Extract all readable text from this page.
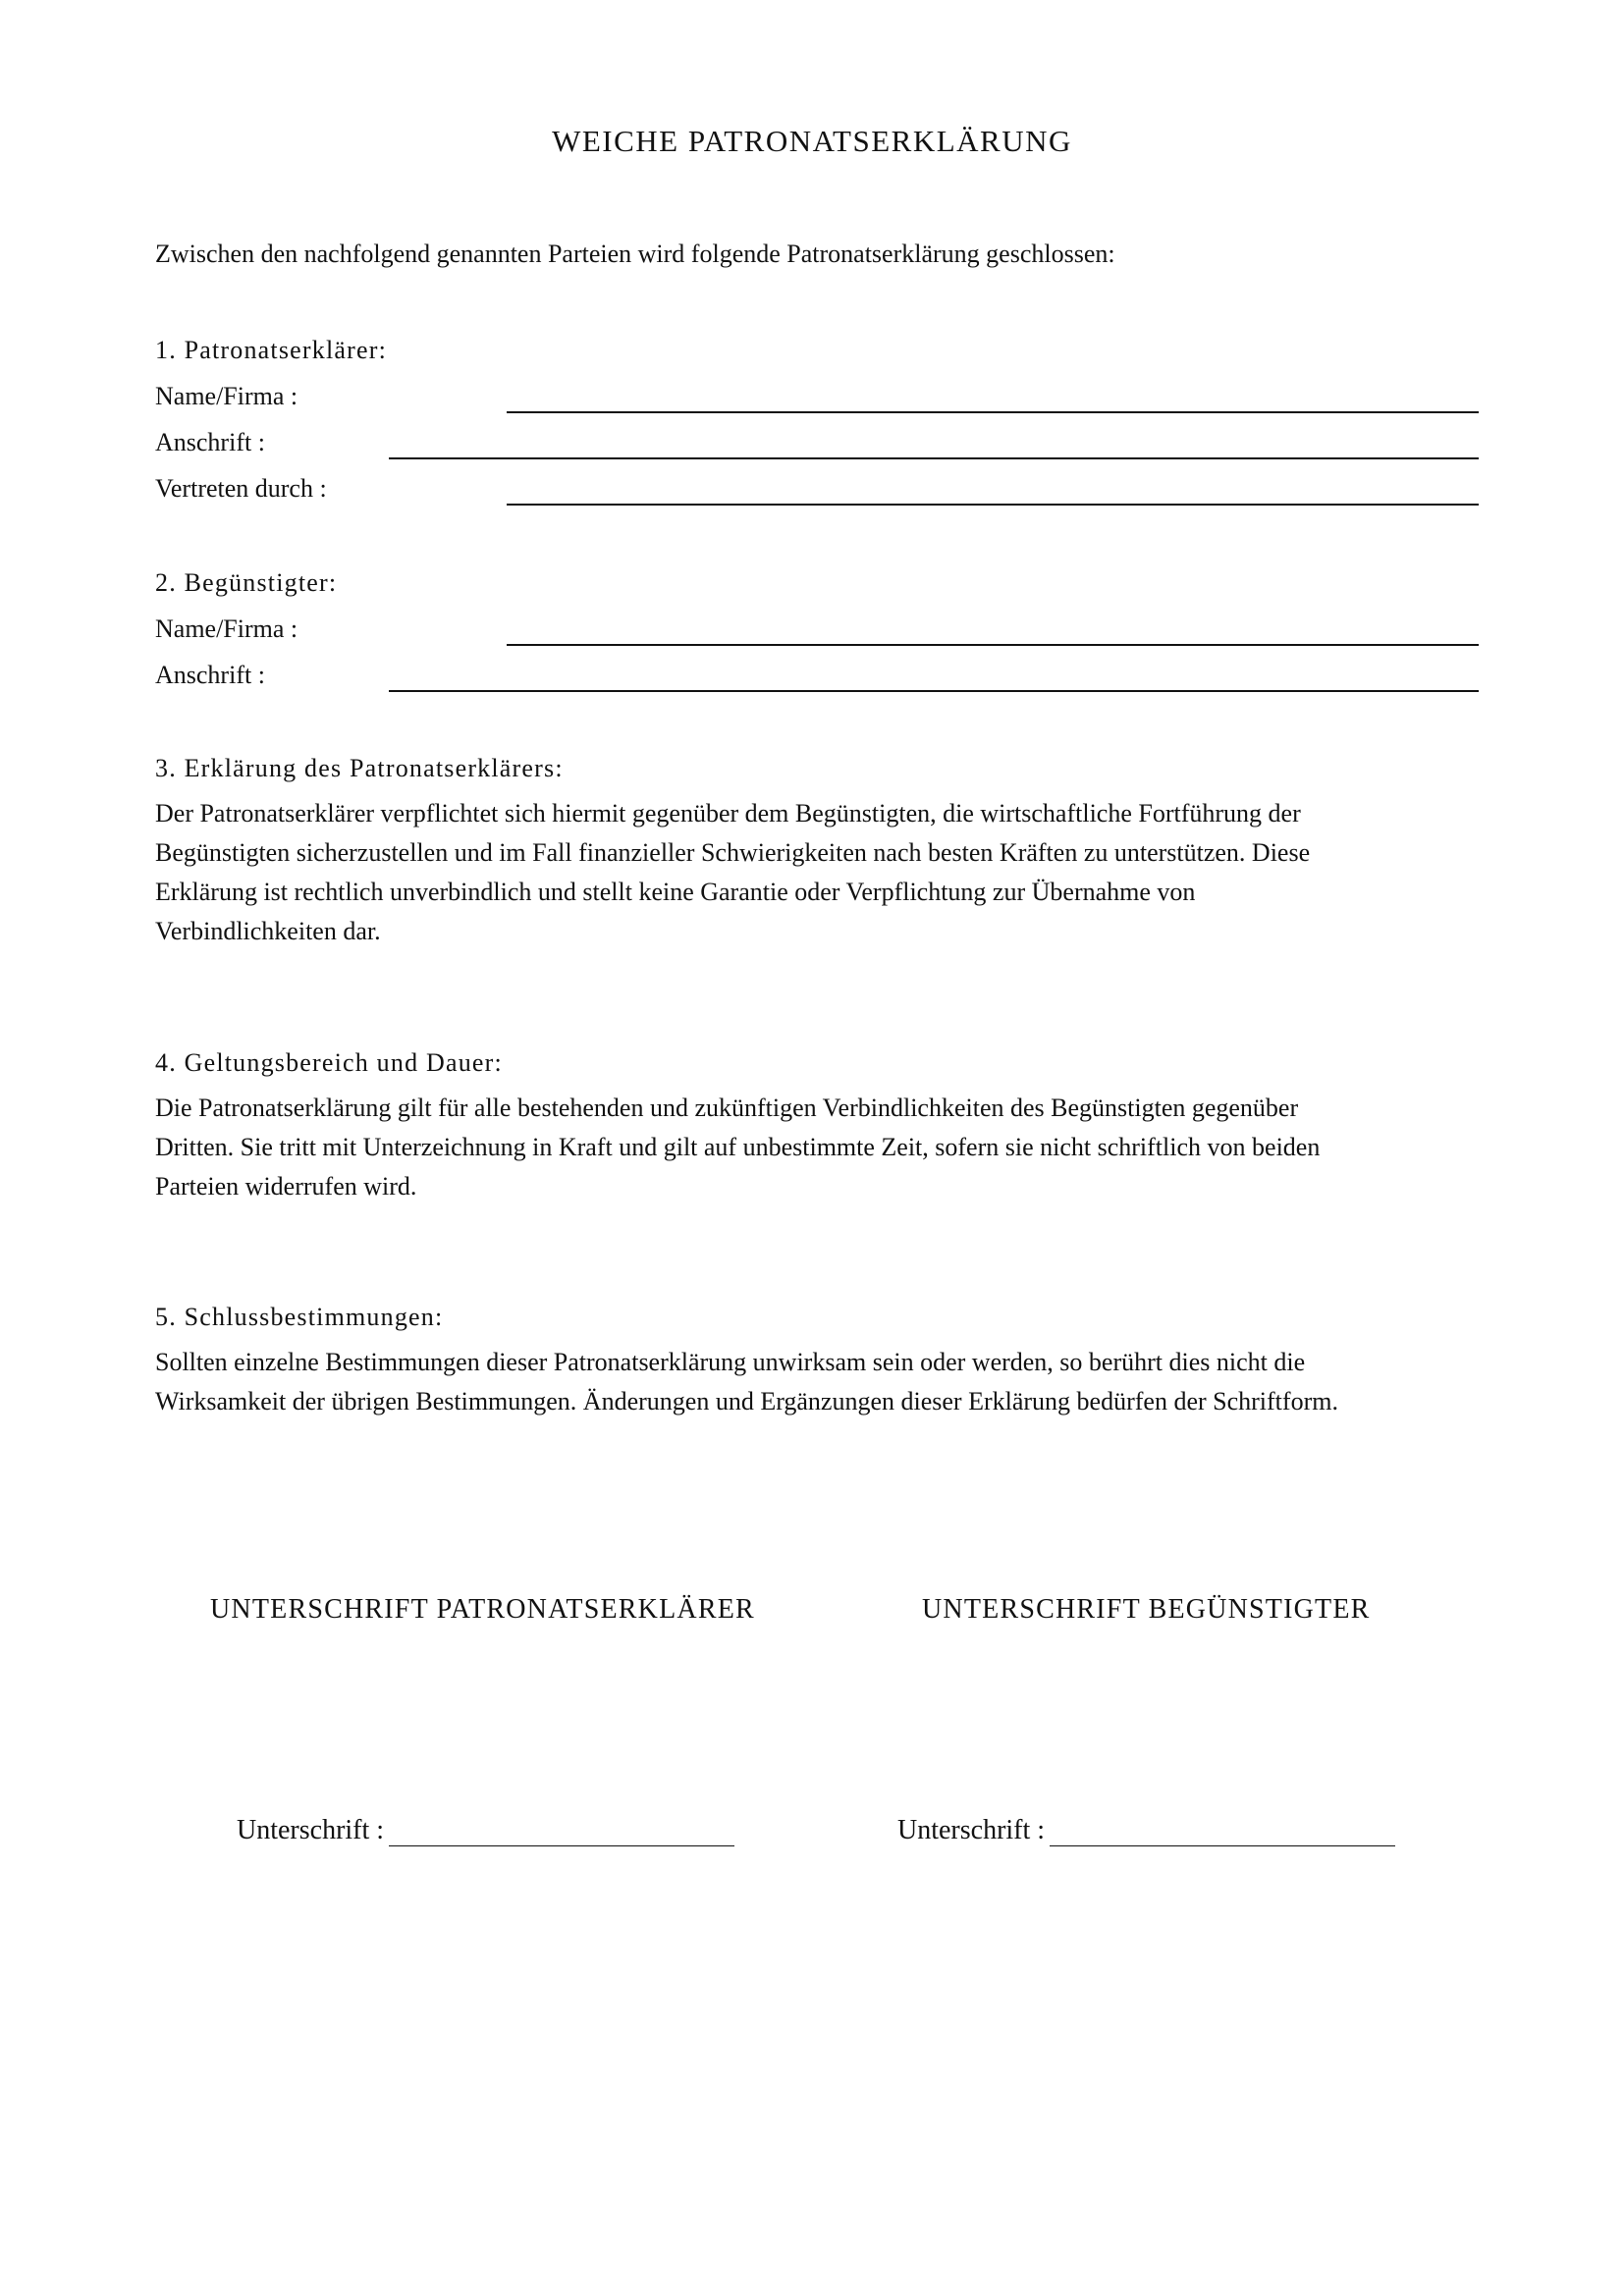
WEICHE PATRONATSERKLÄRUNG
Zwischen den nachfolgend genannten Parteien wird folgende Patronatserklärung geschlossen:
1. Patronatserklärer:
Name/Firma :
Anschrift :
Vertreten durch :
2. Begünstigter:
Name/Firma :
Anschrift :
3. Erklärung des Patronatserklärers:
Der Patronatserklärer verpflichtet sich hiermit gegenüber dem Begünstigten, die wirtschaftliche Fortführung der
Begünstigten sicherzustellen und im Fall finanzieller Schwierigkeiten nach besten Kräften zu unterstützen. Diese
Erklärung ist rechtlich unverbindlich und stellt keine Garantie oder Verpflichtung zur Übernahme von
Verbindlichkeiten dar.
4. Geltungsbereich und Dauer:
Die Patronatserklärung gilt für alle bestehenden und zukünftigen Verbindlichkeiten des Begünstigten gegenüber
Dritten. Sie tritt mit Unterzeichnung in Kraft und gilt auf unbestimmte Zeit, sofern sie nicht schriftlich von beiden
Parteien widerrufen wird.
5. Schlussbestimmungen:
Sollten einzelne Bestimmungen dieser Patronatserklärung unwirksam sein oder werden, so berührt dies nicht die
Wirksamkeit der übrigen Bestimmungen. Änderungen und Ergänzungen dieser Erklärung bedürfen der Schriftform.
UNTERSCHRIFT PATRONATSERKLÄRER	UNTERSCHRIFT BEGÜNSTIGTER
Unterschrift :	Unterschrift :
